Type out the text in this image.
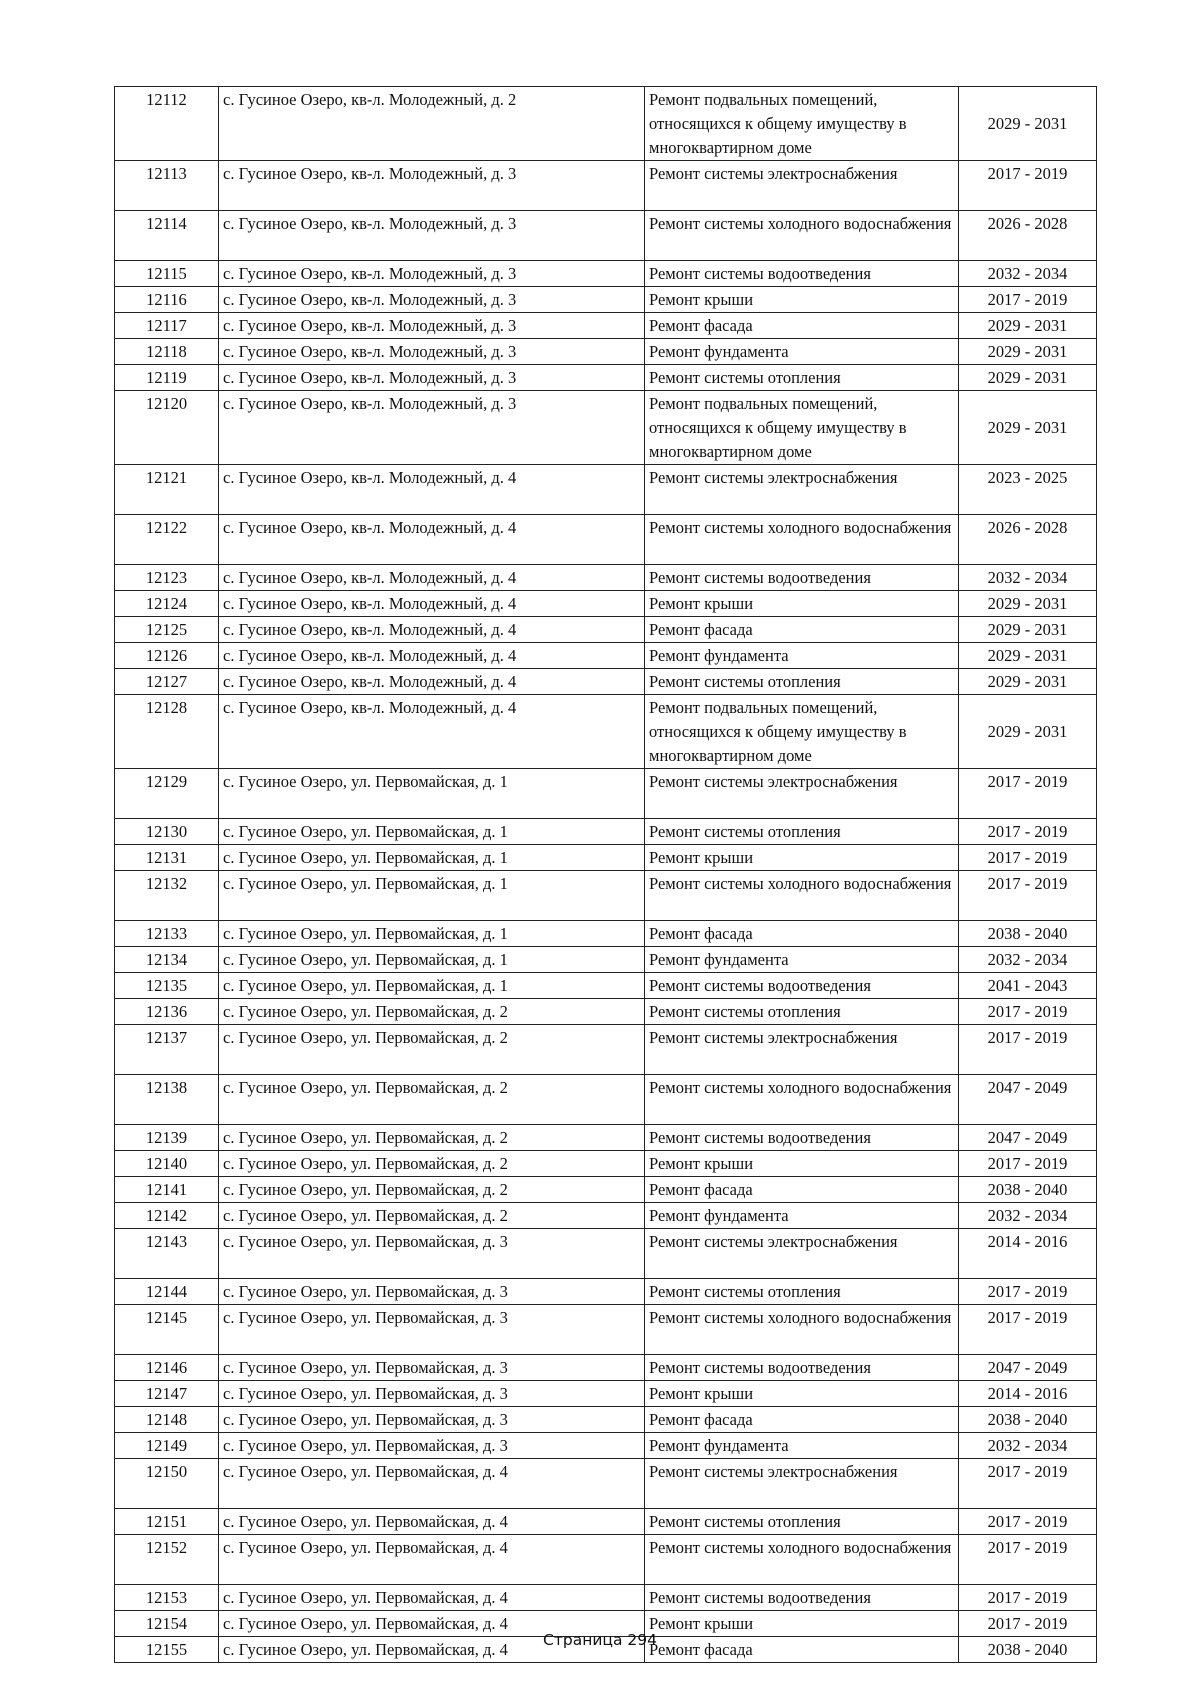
12112	с. Гусиное Озеро, кв-л. Молодежный, д. 2	Ремонт подвальных помещений, относящихся к общему имуществу в многоквартирном доме	2029 - 2031
12113	с. Гусиное Озеро, кв-л. Молодежный, д. 3	Ремонт системы электроснабжения	2017 - 2019
12114	с. Гусиное Озеро, кв-л. Молодежный, д. 3	Ремонт системы холодного водоснабжения	2026 - 2028
12115	с. Гусиное Озеро, кв-л. Молодежный, д. 3	Ремонт системы водоотведения	2032 - 2034
12116	с. Гусиное Озеро, кв-л. Молодежный, д. 3	Ремонт крыши	2017 - 2019
12117	с. Гусиное Озеро, кв-л. Молодежный, д. 3	Ремонт фасада	2029 - 2031
12118	с. Гусиное Озеро, кв-л. Молодежный, д. 3	Ремонт фундамента	2029 - 2031
12119	с. Гусиное Озеро, кв-л. Молодежный, д. 3	Ремонт системы отопления	2029 - 2031
12120	с. Гусиное Озеро, кв-л. Молодежный, д. 3	Ремонт подвальных помещений, относящихся к общему имуществу в многоквартирном доме	2029 - 2031
12121	с. Гусиное Озеро, кв-л. Молодежный, д. 4	Ремонт системы электроснабжения	2023 - 2025
12122	с. Гусиное Озеро, кв-л. Молодежный, д. 4	Ремонт системы холодного водоснабжения	2026 - 2028
12123	с. Гусиное Озеро, кв-л. Молодежный, д. 4	Ремонт системы водоотведения	2032 - 2034
12124	с. Гусиное Озеро, кв-л. Молодежный, д. 4	Ремонт крыши	2029 - 2031
12125	с. Гусиное Озеро, кв-л. Молодежный, д. 4	Ремонт фасада	2029 - 2031
12126	с. Гусиное Озеро, кв-л. Молодежный, д. 4	Ремонт фундамента	2029 - 2031
12127	с. Гусиное Озеро, кв-л. Молодежный, д. 4	Ремонт системы отопления	2029 - 2031
12128	с. Гусиное Озеро, кв-л. Молодежный, д. 4	Ремонт подвальных помещений, относящихся к общему имуществу в многоквартирном доме	2029 - 2031
12129	с. Гусиное Озеро, ул. Первомайская, д. 1	Ремонт системы электроснабжения	2017 - 2019
12130	с. Гусиное Озеро, ул. Первомайская, д. 1	Ремонт системы отопления	2017 - 2019
12131	с. Гусиное Озеро, ул. Первомайская, д. 1	Ремонт крыши	2017 - 2019
12132	с. Гусиное Озеро, ул. Первомайская, д. 1	Ремонт системы холодного водоснабжения	2017 - 2019
12133	с. Гусиное Озеро, ул. Первомайская, д. 1	Ремонт фасада	2038 - 2040
12134	с. Гусиное Озеро, ул. Первомайская, д. 1	Ремонт фундамента	2032 - 2034
12135	с. Гусиное Озеро, ул. Первомайская, д. 1	Ремонт системы водоотведения	2041 - 2043
12136	с. Гусиное Озеро, ул. Первомайская, д. 2	Ремонт системы отопления	2017 - 2019
12137	с. Гусиное Озеро, ул. Первомайская, д. 2	Ремонт системы электроснабжения	2017 - 2019
12138	с. Гусиное Озеро, ул. Первомайская, д. 2	Ремонт системы холодного водоснабжения	2047 - 2049
12139	с. Гусиное Озеро, ул. Первомайская, д. 2	Ремонт системы водоотведения	2047 - 2049
12140	с. Гусиное Озеро, ул. Первомайская, д. 2	Ремонт крыши	2017 - 2019
12141	с. Гусиное Озеро, ул. Первомайская, д. 2	Ремонт фасада	2038 - 2040
12142	с. Гусиное Озеро, ул. Первомайская, д. 2	Ремонт фундамента	2032 - 2034
12143	с. Гусиное Озеро, ул. Первомайская, д. 3	Ремонт системы электроснабжения	2014 - 2016
12144	с. Гусиное Озеро, ул. Первомайская, д. 3	Ремонт системы отопления	2017 - 2019
12145	с. Гусиное Озеро, ул. Первомайская, д. 3	Ремонт системы холодного водоснабжения	2017 - 2019
12146	с. Гусиное Озеро, ул. Первомайская, д. 3	Ремонт системы водоотведения	2047 - 2049
12147	с. Гусиное Озеро, ул. Первомайская, д. 3	Ремонт крыши	2014 - 2016
12148	с. Гусиное Озеро, ул. Первомайская, д. 3	Ремонт фасада	2038 - 2040
12149	с. Гусиное Озеро, ул. Первомайская, д. 3	Ремонт фундамента	2032 - 2034
12150	с. Гусиное Озеро, ул. Первомайская, д. 4	Ремонт системы электроснабжения	2017 - 2019
12151	с. Гусиное Озеро, ул. Первомайская, д. 4	Ремонт системы отопления	2017 - 2019
12152	с. Гусиное Озеро, ул. Первомайская, д. 4	Ремонт системы холодного водоснабжения	2017 - 2019
12153	с. Гусиное Озеро, ул. Первомайская, д. 4	Ремонт системы водоотведения	2017 - 2019
12154	с. Гусиное Озеро, ул. Первомайская, д. 4	Ремонт крыши	2017 - 2019
12155	с. Гусиное Озеро, ул. Первомайская, д. 4	Ремонт фасада	2038 - 2040
Страница 294
